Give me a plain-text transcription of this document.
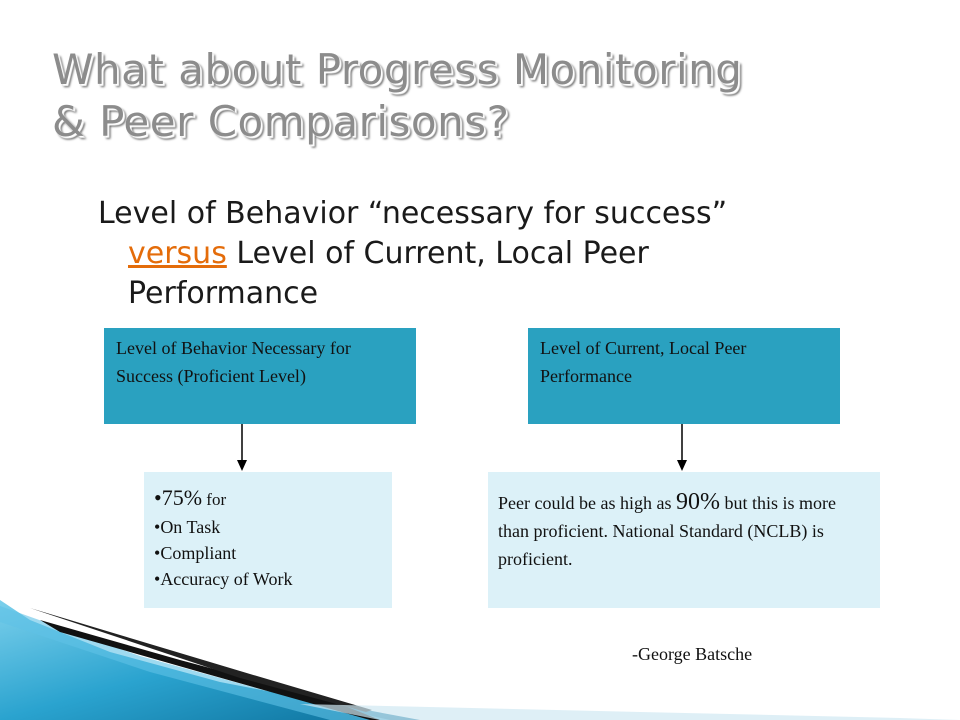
What about Progress Monitoring
& Peer Comparisons?
Level of Behavior “necessary for success”
versus Level of Current, Local Peer
Performance
Level of Behavior Necessary for Success (Proficient Level)
Level of Current, Local Peer Performance
• 75% for
• On Task
• Compliant
• Accuracy of Work
Peer could be as high as 90% but this is more than proficient. National Standard (NCLB) is proficient.
-George Batsche
